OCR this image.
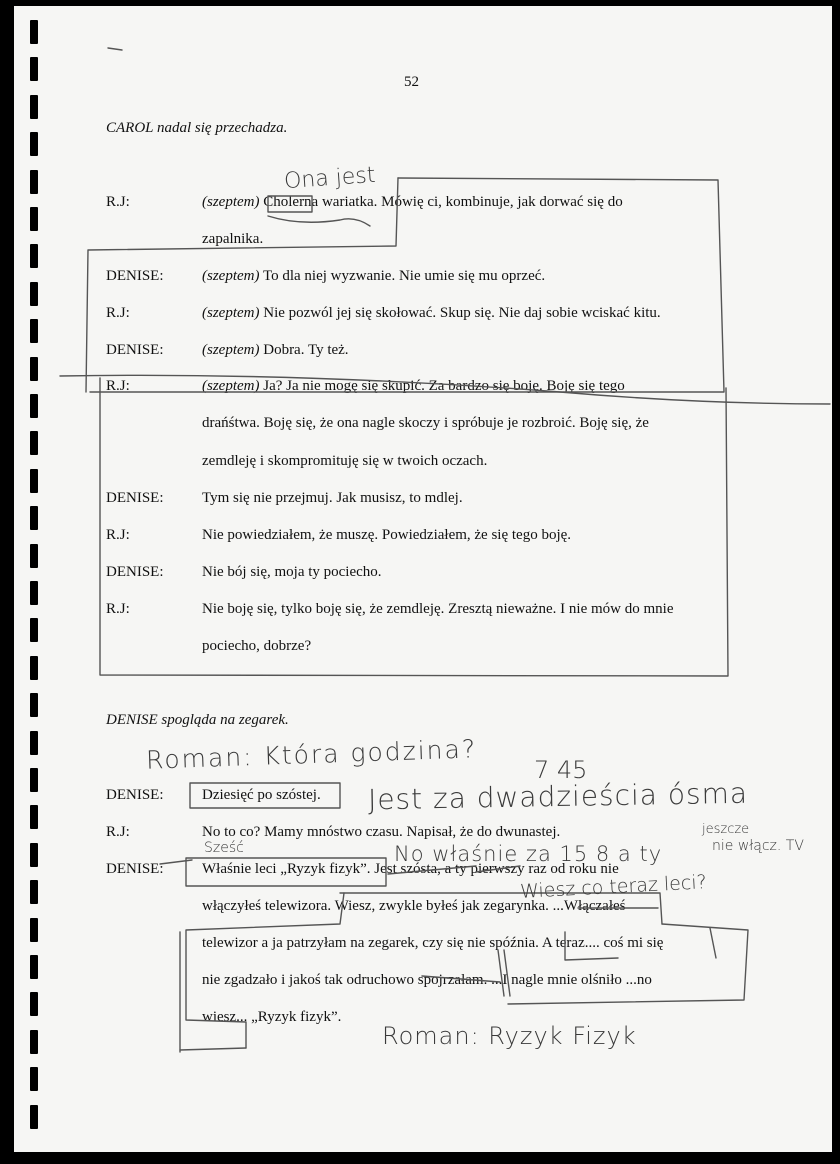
52
CAROL nadal się przechadza.
R.J:	(szeptem) Cholerna wariatka. Mówię ci, kombinuje, jak dorwać się do
zapalnika.
DENISE:	(szeptem) To dla niej wyzwanie. Nie umie się mu oprzeć.
R.J:	(szeptem) Nie pozwól jej się skołować. Skup się. Nie daj sobie wciskać kitu.
DENISE:	(szeptem) Dobra. Ty też.
R.J:	(szeptem) Ja? Ja nie mogę się skupić. Za bardzo się boję. Boję się tego
drańśtwa. Boję się, że ona nagle skoczy i spróbuje je rozbroić. Boję się, że
zemdleję i skompromituję się w twoich oczach.
DENISE:	Tym się nie przejmuj. Jak musisz, to mdlej.
R.J:	Nie powiedziałem, że muszę. Powiedziałem, że się tego boję.
DENISE:	Nie bój się, moja ty pociecho.
R.J:	Nie boję się, tylko boję się, że zemdleję. Zresztą nieważne. I nie mów do mnie
pociecho, dobrze?
DENISE spogląda na zegarek.
DENISE:	Dziesięć po szóstej.
R.J:	No to co? Mamy mnóstwo czasu. Napisał, że do dwunastej.
DENISE:	Właśnie leci „Ryzyk fizyk”. Jest szósta, a ty pierwszy raz od roku nie
włączyłeś telewizora. Wiesz, zwykle byłeś jak zegarynka. ...Włączałeś
telewizor a ja patrzyłam na zegarek, czy się nie spóźnia. A teraz.... coś mi się
nie zgadzało i jakoś tak odruchowo spojrzałam. ...I nagle mnie olśniło ...no
wiesz... „Ryzyk fizyk”.
Ona jest
Roman: Która godzina? 7 45
Jest za dwadzieścia ósma
jeszcze
nie włącz. TV
Sześć	No właśnie za 15 8 a ty
Wiesz co teraz leci?
Roman: Ryzyk Fizyk
